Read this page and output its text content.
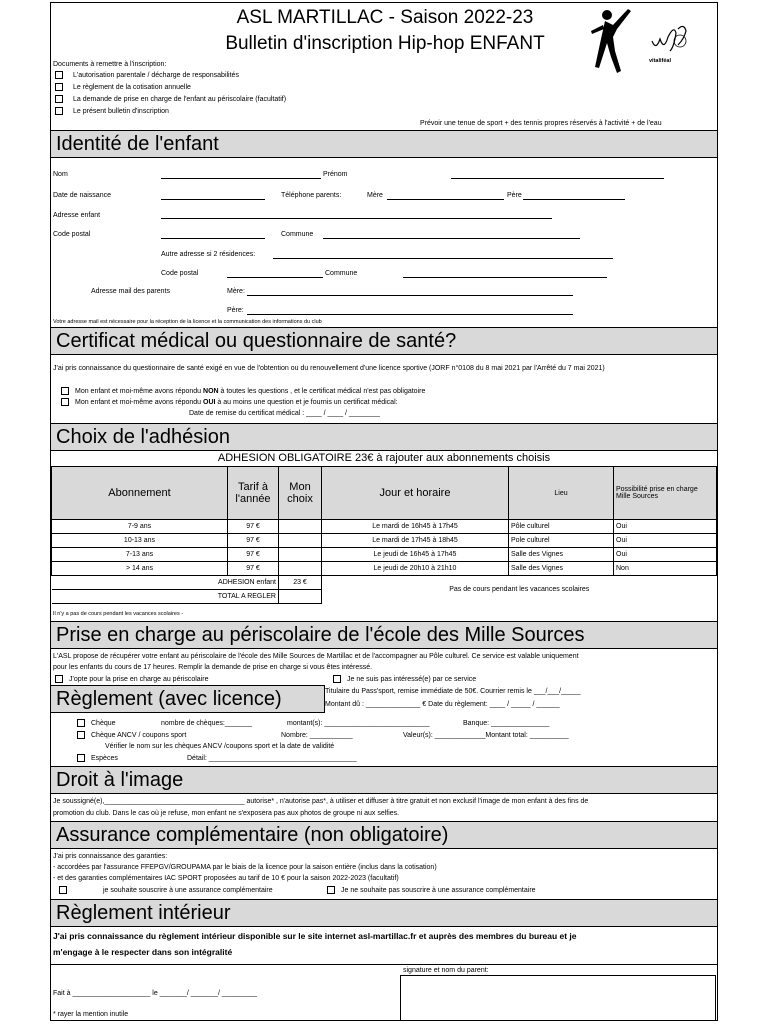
ASL MARTILLAC - Saison 2022-23
Bulletin d'inscription Hip-hop ENFANT
vitaliféal
Documents à remettre à l'inscription:
L'autorisation parentale / décharge de responsabilités
Le règlement de la cotisation annuelle
La demande de prise en charge de l'enfant au périscolaire (facultatif)
Le présent bulletin d'inscription
Prévoir une tenue de sport + des tennis propres réservés à l'activité + de l'eau
Identité de l'enfant
Nom	Prénom
Date de naissance	Téléphone parents:	Mère	Père
Adresse enfant
Code postal	Commune
Autre adresse si 2 résidences:
Code postal	Commune
Adresse mail des parents	Mère:
Père:
Votre adresse mail est nécessaire pour la réception de la licence et la communication des informations du club
Certificat médical ou questionnaire de santé?
J'ai pris connaissance du questionnaire de santé exigé en vue de l'obtention ou du renouvellement d'une licence sportive (JORF n°0108 du 8 mai 2021 par l'Arrêté du 7 mai 2021)
Mon enfant et moi-même avons répondu NON à toutes les questions , et le certificat médical n'est pas obligatoire
Mon enfant et moi-même avons répondu OUI à au moins une question et je fournis un certificat médical:
Date de remise du certificat médical : ____ / ____ / ________
Choix de l'adhésion
ADHESION OBLIGATOIRE 23€ à rajouter aux abonnements choisis
Abonnement	Tarif à l'année	Mon choix	Jour et horaire	Lieu	Possibilité prise en charge Mille Sources
7-9 ans	97 €		Le mardi de 16h45 à 17h45	Pôle culturel	Oui
10-13 ans	97 €		Le mardi de 17h45 à 18h45	Pole culturel	Oui
7-13 ans	97 €		Le jeudi de 16h45 à 17h45	Salle des Vignes	Oui
> 14 ans	97 €		Le jeudi de 20h10 à 21h10	Salle des Vignes	Non
ADHESION enfant		23 €	Pas de cours pendant les vacances scolaires		
TOTAL A REGLER					
Il n'y a pas de cours pendant les vacances scolaires -
Prise en charge au périscolaire de l'école des Mille Sources
L'ASL propose de récupérer votre enfant au périscolaire de l'école des Mille Sources de Martillac et de l'accompagner au Pôle culturel. Ce service est valable uniquement
pour les enfants du cours de 17 heures. Remplir la demande de prise en charge si vous êtes intéressé.
J'opte pour la prise en charge au périscolaire	Je ne suis pas intéressé(e) par ce service
Règlement (avec licence)	Titulaire du Pass'sport, remise immédiate de 50€. Courrier remis le ___/___/_____
Montant dû : ______________ € Date du règlement: ____ / _____ / ______
Chèque	nombre de chèques:_______	montant(s): ___________________________	Banque: _______________
Chèque ANCV / coupons sport	Nombre: ___________	Valeur(s): _____________Montant total: __________
Vérifier le nom sur les chèques ANCV /coupons sport et la date de validité
Espèces	Détail: ______________________________________
Droit à l'image
Je soussigné(e),____________________________________ autorise* , n'autorise pas*, à utiliser et diffuser à titre gratuit et non exclusif l'image de mon enfant à des fins de
promotion du club. Dans le cas où je refuse, mon enfant ne s'exposera pas aux photos de groupe ni aux selfies.
Assurance complémentaire (non obligatoire)
J'ai pris connaissance des garanties:
- accordées par l'assurance FFEPGV/GROUPAMA par le biais de la licence pour la saison entière (inclus dans la cotisation)
- et des garanties complémentaires IAC SPORT proposées au tarif de 10 € pour la saison 2022-2023 (facultatif)
je souhaite souscrire à une assurance complémentaire	Je ne souhaite pas souscrire à une assurance complémentaire
Règlement intérieur
J'ai pris connaissance du règlement intérieur disponible sur le site internet asl-martillac.fr et auprès des membres du bureau et je
m'engage à le respecter dans son intégralité
signature et nom du parent:
Fait à ____________________ le _______/ _______/ _________
* rayer la mention inutile
